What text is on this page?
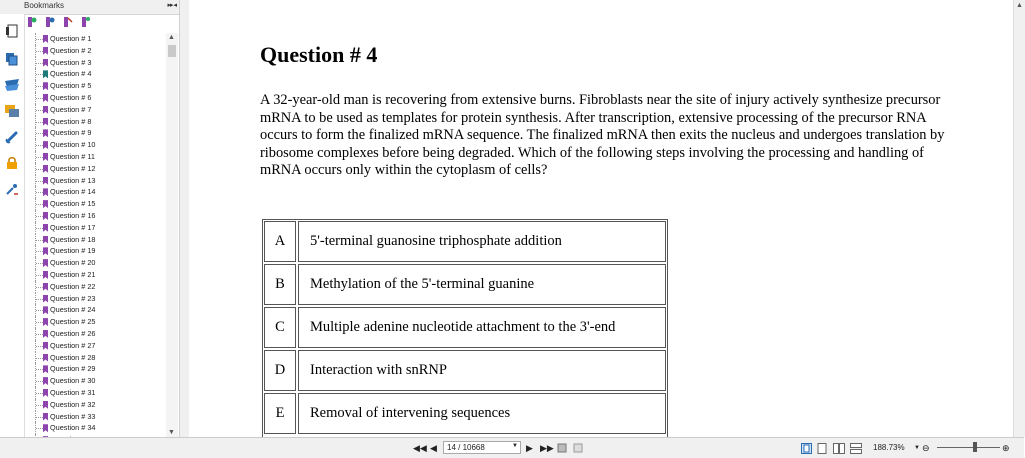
Bookmarks	▸▸ ◂
Question # 1
Question # 2
Question # 3
Question # 4
Question # 5
Question # 6
Question # 7
Question # 8
Question # 9
Question # 10
Question # 11
Question # 12
Question # 13
Question # 14
Question # 15
Question # 16
Question # 17
Question # 18
Question # 19
Question # 20
Question # 21
Question # 22
Question # 23
Question # 24
Question # 25
Question # 26
Question # 27
Question # 28
Question # 29
Question # 30
Question # 31
Question # 32
Question # 33
Question # 34
▲
▼
Question # 4
A 32-year-old man is recovering from extensive burns. Fibroblasts near the site of injury actively synthesize precursor mRNA to be used as templates for protein synthesis. After transcription, extensive processing of the precursor RNA occurs to form the finalized mRNA sequence. The finalized mRNA then exits the nucleus and undergoes translation by ribosome complexes before being degraded. Which of the following steps involving the processing and handling of mRNA occurs only within the cytoplasm of cells?
A	5'-terminal guanosine triphosphate addition
B	Methylation of the 5'-terminal guanine
C	Multiple adenine nucleotide attachment to the 3'-end
D	Interaction with snRNP
E	Removal of intervening sequences
▲
◀◀ ◀ 14 / 10668	▼ ▶ ▶▶	188.73% ▼ ⊖	⊕
